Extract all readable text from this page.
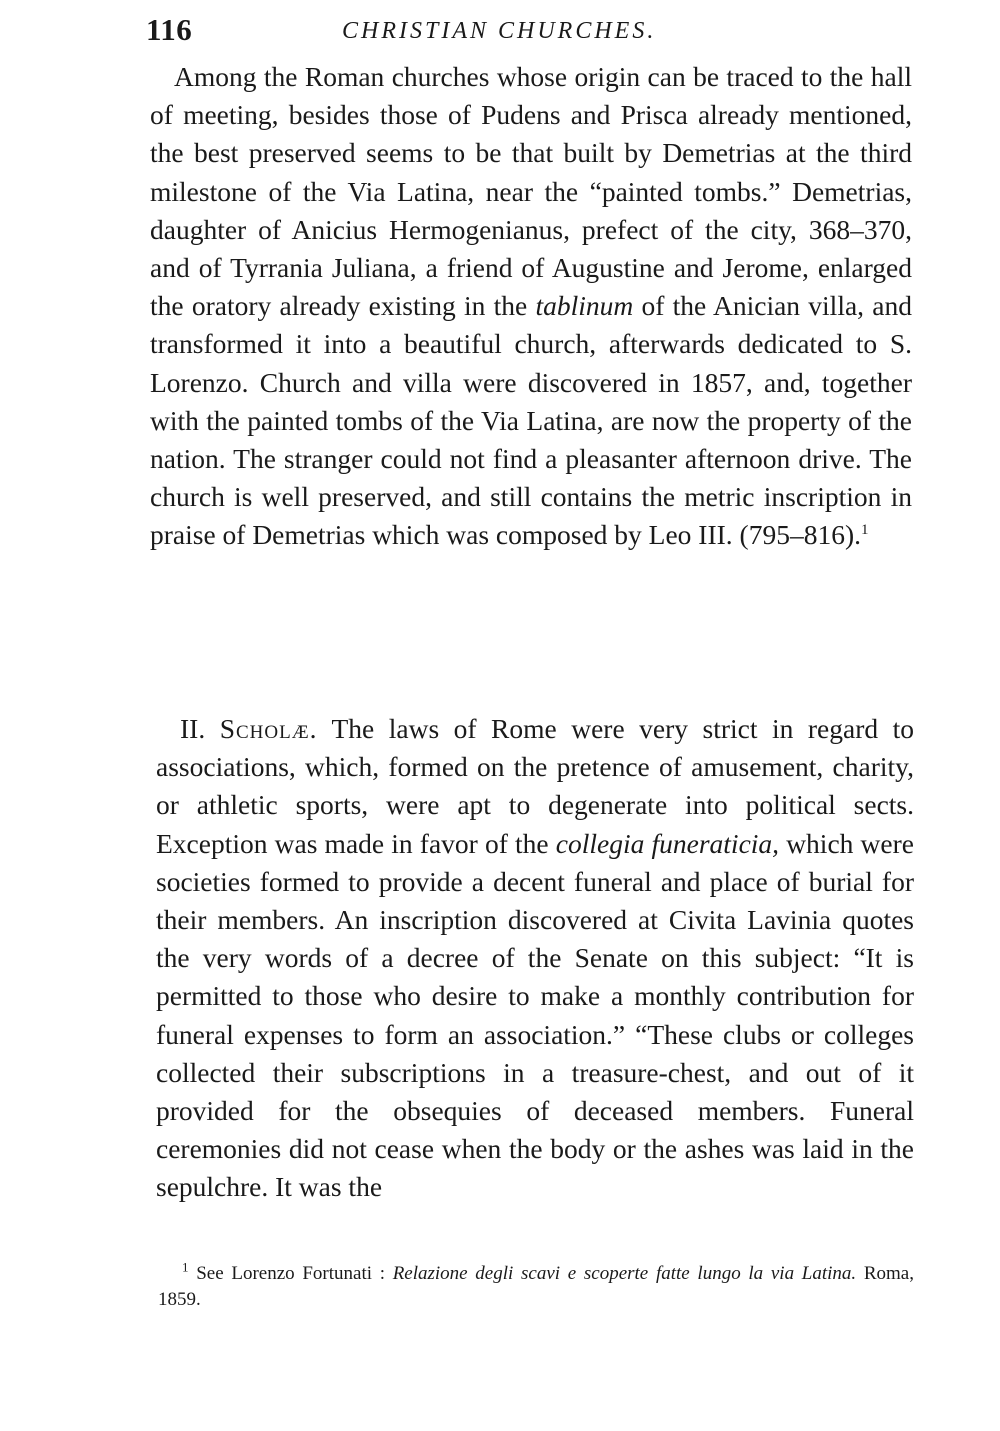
116	CHRISTIAN CHURCHES.

Among the Roman churches whose origin can be traced to the hall of meeting, besides those of Pudens and Prisca already mentioned, the best preserved seems to be that built by Demetrias at the third milestone of the Via Latina, near the “painted tombs.” Demetrias, daughter of Anicius Hermogenianus, prefect of the city, 368–370, and of Tyrrania Juliana, a friend of Augustine and Jerome, enlarged the oratory already existing in the tablinum of the Anician villa, and transformed it into a beautiful church, afterwards dedicated to S. Lorenzo. Church and villa were discovered in 1857, and, together with the painted tombs of the Via Latina, are now the property of the nation. The stranger could not find a pleasanter afternoon drive. The church is well preserved, and still contains the metric inscription in praise of Demetrias which was composed by Leo III. (795–816).$^1$

II. Scholæ. The laws of Rome were very strict in regard to associations, which, formed on the pretence of amusement, charity, or athletic sports, were apt to degenerate into political sects. Exception was made in favor of the collegia funeraticia, which were societies formed to provide a decent funeral and place of burial for their members. An inscription discovered at Civita Lavinia quotes the very words of a decree of the Senate on this subject: “It is permitted to those who desire to make a monthly contribution for funeral expenses to form an association.” “These clubs or colleges collected their subscriptions in a treasure-chest, and out of it provided for the obsequies of deceased members. Funeral ceremonies did not cease when the body or the ashes was laid in the sepulchre. It was the

$^1$ See Lorenzo Fortunati : Relazione degli scavi e scoperte fatte lungo la via Latina. Roma, 1859.
